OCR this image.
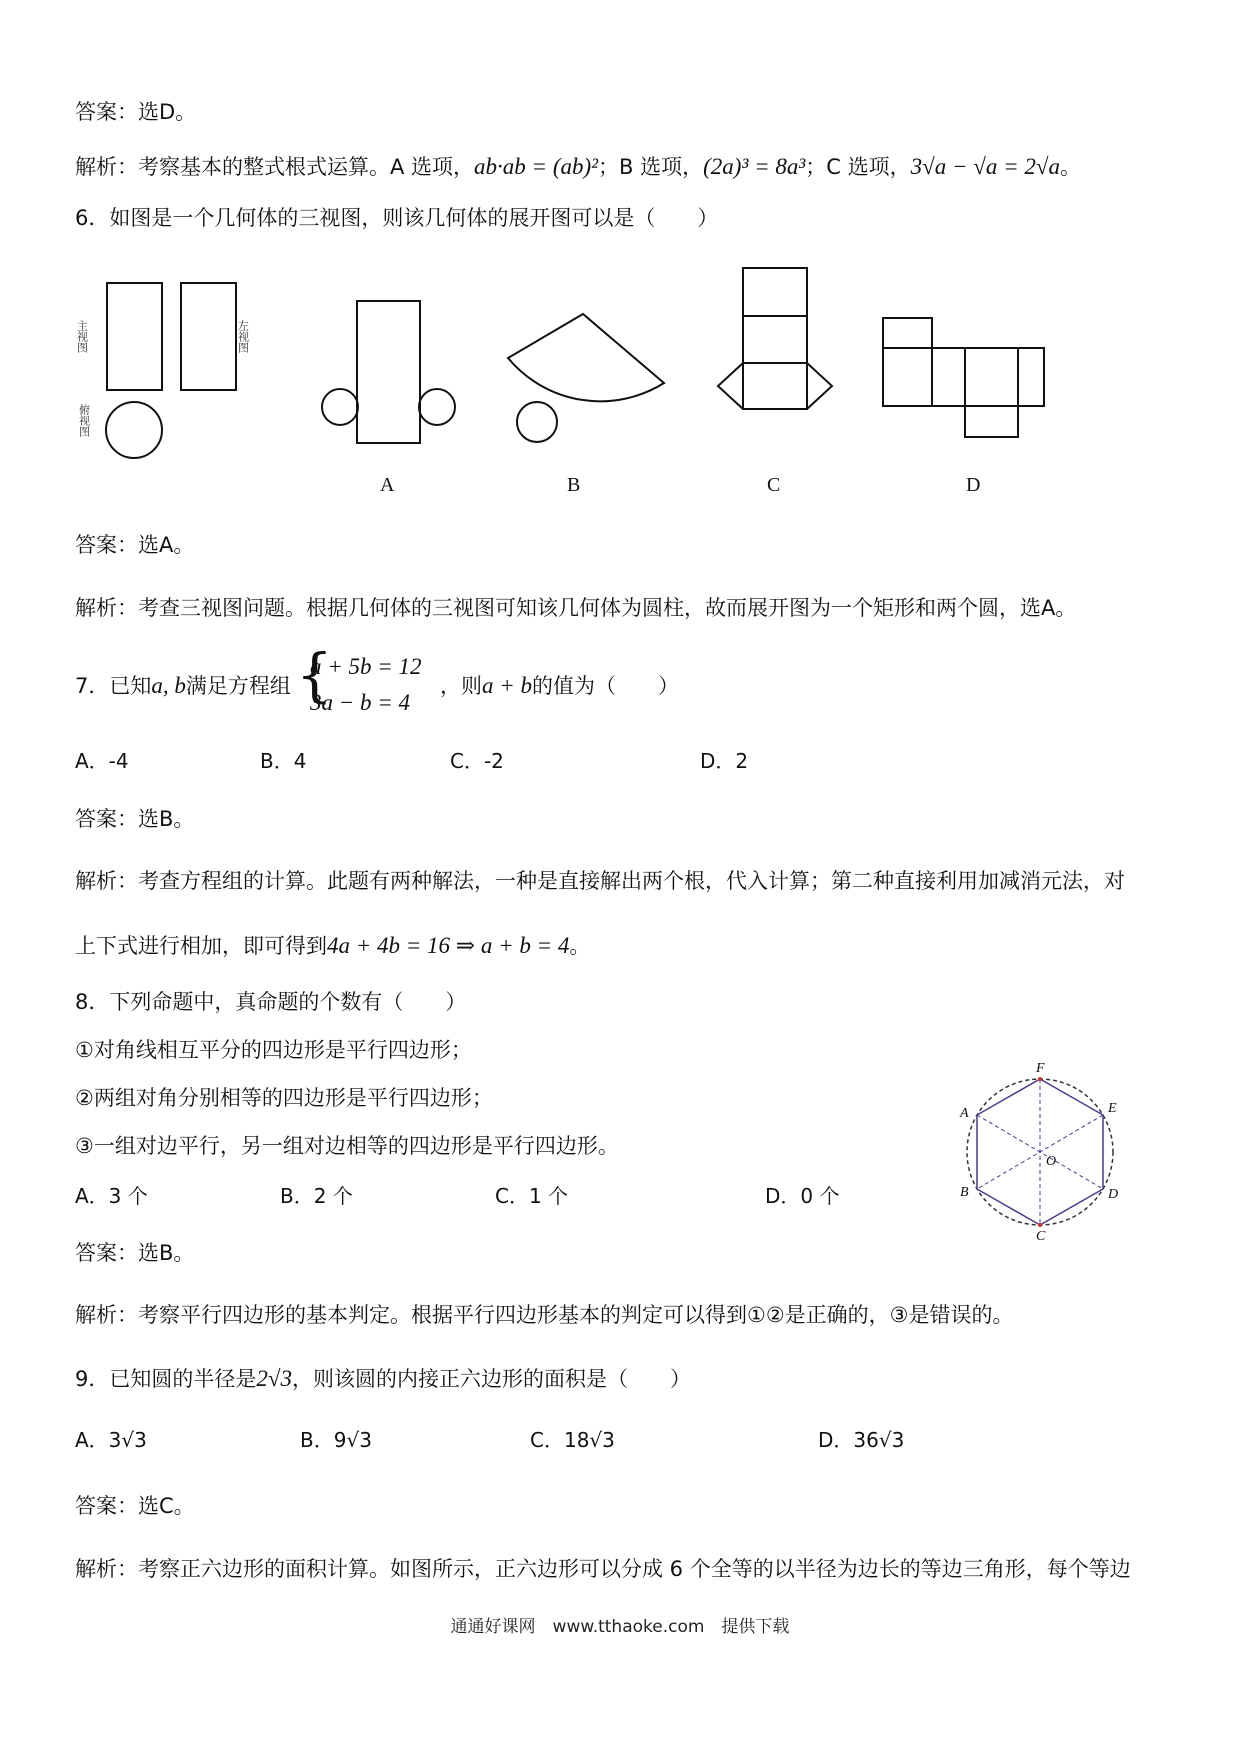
答案：选D。
解析：考察基本的整式根式运算。A 选项，ab·ab = (ab)²；B 选项，(2a)³ = 8a³；C 选项，3√a − √a = 2√a。
6．如图是一个几何体的三视图，则该几何体的展开图可以是（　　）
主视图	左视图
俯视图
A	B	C	D
答案：选A。
解析：考查三视图问题。根据几何体的三视图可知该几何体为圆柱，故而展开图为一个矩形和两个圆，选A。
7．已知a, b满足方程组 {
a + 5b = 12
3a − b = 4
，则a + b的值为（　　）
A．-4	B．4	C．-2	D．2
答案：选B。
解析：考查方程组的计算。此题有两种解法，一种是直接解出两个根，代入计算；第二种直接利用加减消元法，对
上下式进行相加，即可得到4a + 4b = 16 ⇒ a + b = 4。
8．下列命题中，真命题的个数有（　　）
①对角线相互平分的四边形是平行四边形；
②两组对角分别相等的四边形是平行四边形；
③一组对边平行，另一组对边相等的四边形是平行四边形。
A．3 个	B．2 个	C．1 个	D．0 个
F
E
D
C
B
A
O
答案：选B。
解析：考察平行四边形的基本判定。根据平行四边形基本的判定可以得到①②是正确的，③是错误的。
9．已知圆的半径是2√3，则该圆的内接正六边形的面积是（　　）
A．3√3	B．9√3	C．18√3	D．36√3
答案：选C。
解析：考察正六边形的面积计算。如图所示，正六边形可以分成 6 个全等的以半径为边长的等边三角形，每个等边
通通好课网　www.tthaoke.com　提供下载
